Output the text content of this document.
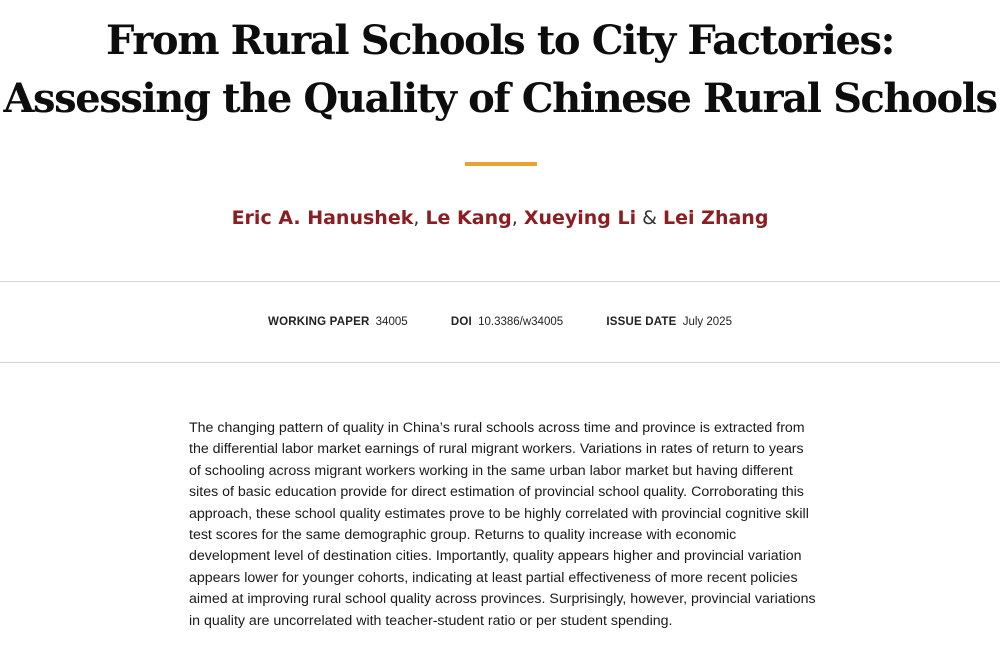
From Rural Schools to City Factories: Assessing the Quality of Chinese Rural Schools
Eric A. Hanushek, Le Kang, Xueying Li & Lei Zhang
WORKING PAPER 34005	DOI 10.3386/w34005	ISSUE DATE July 2025

The changing pattern of quality in China’s rural schools across time and province is extracted from the differential labor market earnings of rural migrant workers. Variations in rates of return to years of schooling across migrant workers working in the same urban labor market but having different sites of basic education provide for direct estimation of provincial school quality. Corroborating this approach, these school quality estimates prove to be highly correlated with provincial cognitive skill test scores for the same demographic group. Returns to quality increase with economic development level of destination cities. Importantly, quality appears higher and provincial variation appears lower for younger cohorts, indicating at least partial effectiveness of more recent policies aimed at improving rural school quality across provinces. Surprisingly, however, provincial variations in quality are uncorrelated with teacher-student ratio or per student spending.
